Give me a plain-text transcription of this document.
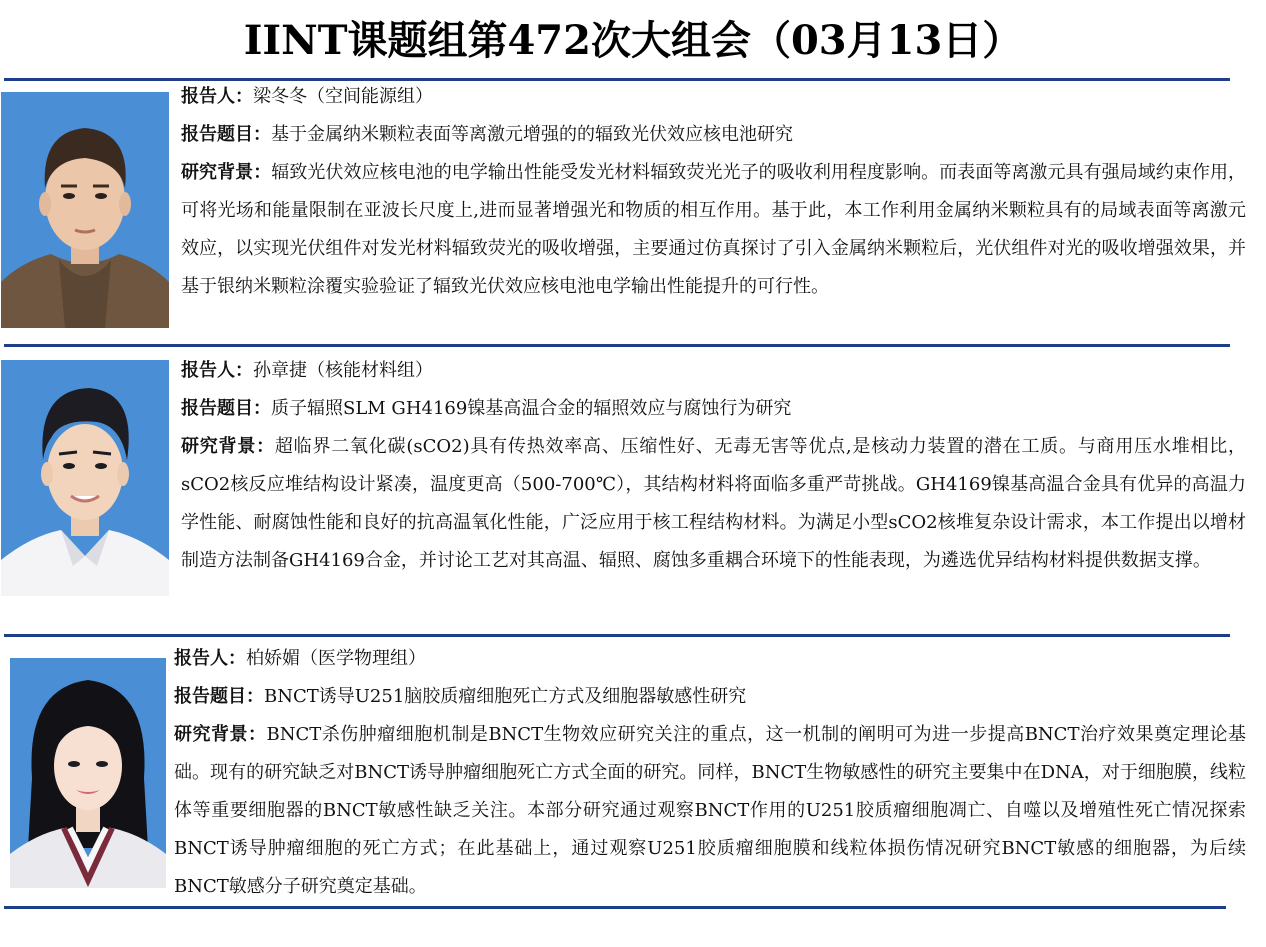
IINT课题组第472次大组会（03月13日）
报告人：梁冬冬（空间能源组）
报告题目：基于金属纳米颗粒表面等离激元增强的的辐致光伏效应核电池研究
研究背景：辐致光伏效应核电池的电学输出性能受发光材料辐致荧光光子的吸收利用程度影响。而表面等离激元具有强局域约束作用，可将光场和能量限制在亚波长尺度上,进而显著增强光和物质的相互作用。基于此，本工作利用金属纳米颗粒具有的局域表面等离激元效应，以实现光伏组件对发光材料辐致荧光的吸收增强，主要通过仿真探讨了引入金属纳米颗粒后，光伏组件对光的吸收增强效果，并基于银纳米颗粒涂覆实验验证了辐致光伏效应核电池电学输出性能提升的可行性。
报告人：孙章捷（核能材料组）
报告题目：质子辐照SLM GH4169镍基高温合金的辐照效应与腐蚀行为研究
研究背景：超临界二氧化碳(sCO2)具有传热效率高、压缩性好、无毒无害等优点,是核动力装置的潜在工质。与商用压水堆相比，sCO2核反应堆结构设计紧凑，温度更高（500-700℃），其结构材料将面临多重严苛挑战。GH4169镍基高温合金具有优异的高温力学性能、耐腐蚀性能和良好的抗高温氧化性能，广泛应用于核工程结构材料。为满足小型sCO2核堆复杂设计需求，本工作提出以增材制造方法制备GH4169合金，并讨论工艺对其高温、辐照、腐蚀多重耦合环境下的性能表现，为遴选优异结构材料提供数据支撑。
报告人：柏娇媚（医学物理组）
报告题目：BNCT诱导U251脑胶质瘤细胞死亡方式及细胞器敏感性研究
研究背景：BNCT杀伤肿瘤细胞机制是BNCT生物效应研究关注的重点，这一机制的阐明可为进一步提高BNCT治疗效果奠定理论基础。现有的研究缺乏对BNCT诱导肿瘤细胞死亡方式全面的研究。同样，BNCT生物敏感性的研究主要集中在DNA，对于细胞膜，线粒体等重要细胞器的BNCT敏感性缺乏关注。本部分研究通过观察BNCT作用的U251胶质瘤细胞凋亡、自噬以及增殖性死亡情况探索BNCT诱导肿瘤细胞的死亡方式；在此基础上，通过观察U251胶质瘤细胞膜和线粒体损伤情况研究BNCT敏感的细胞器，为后续BNCT敏感分子研究奠定基础。
